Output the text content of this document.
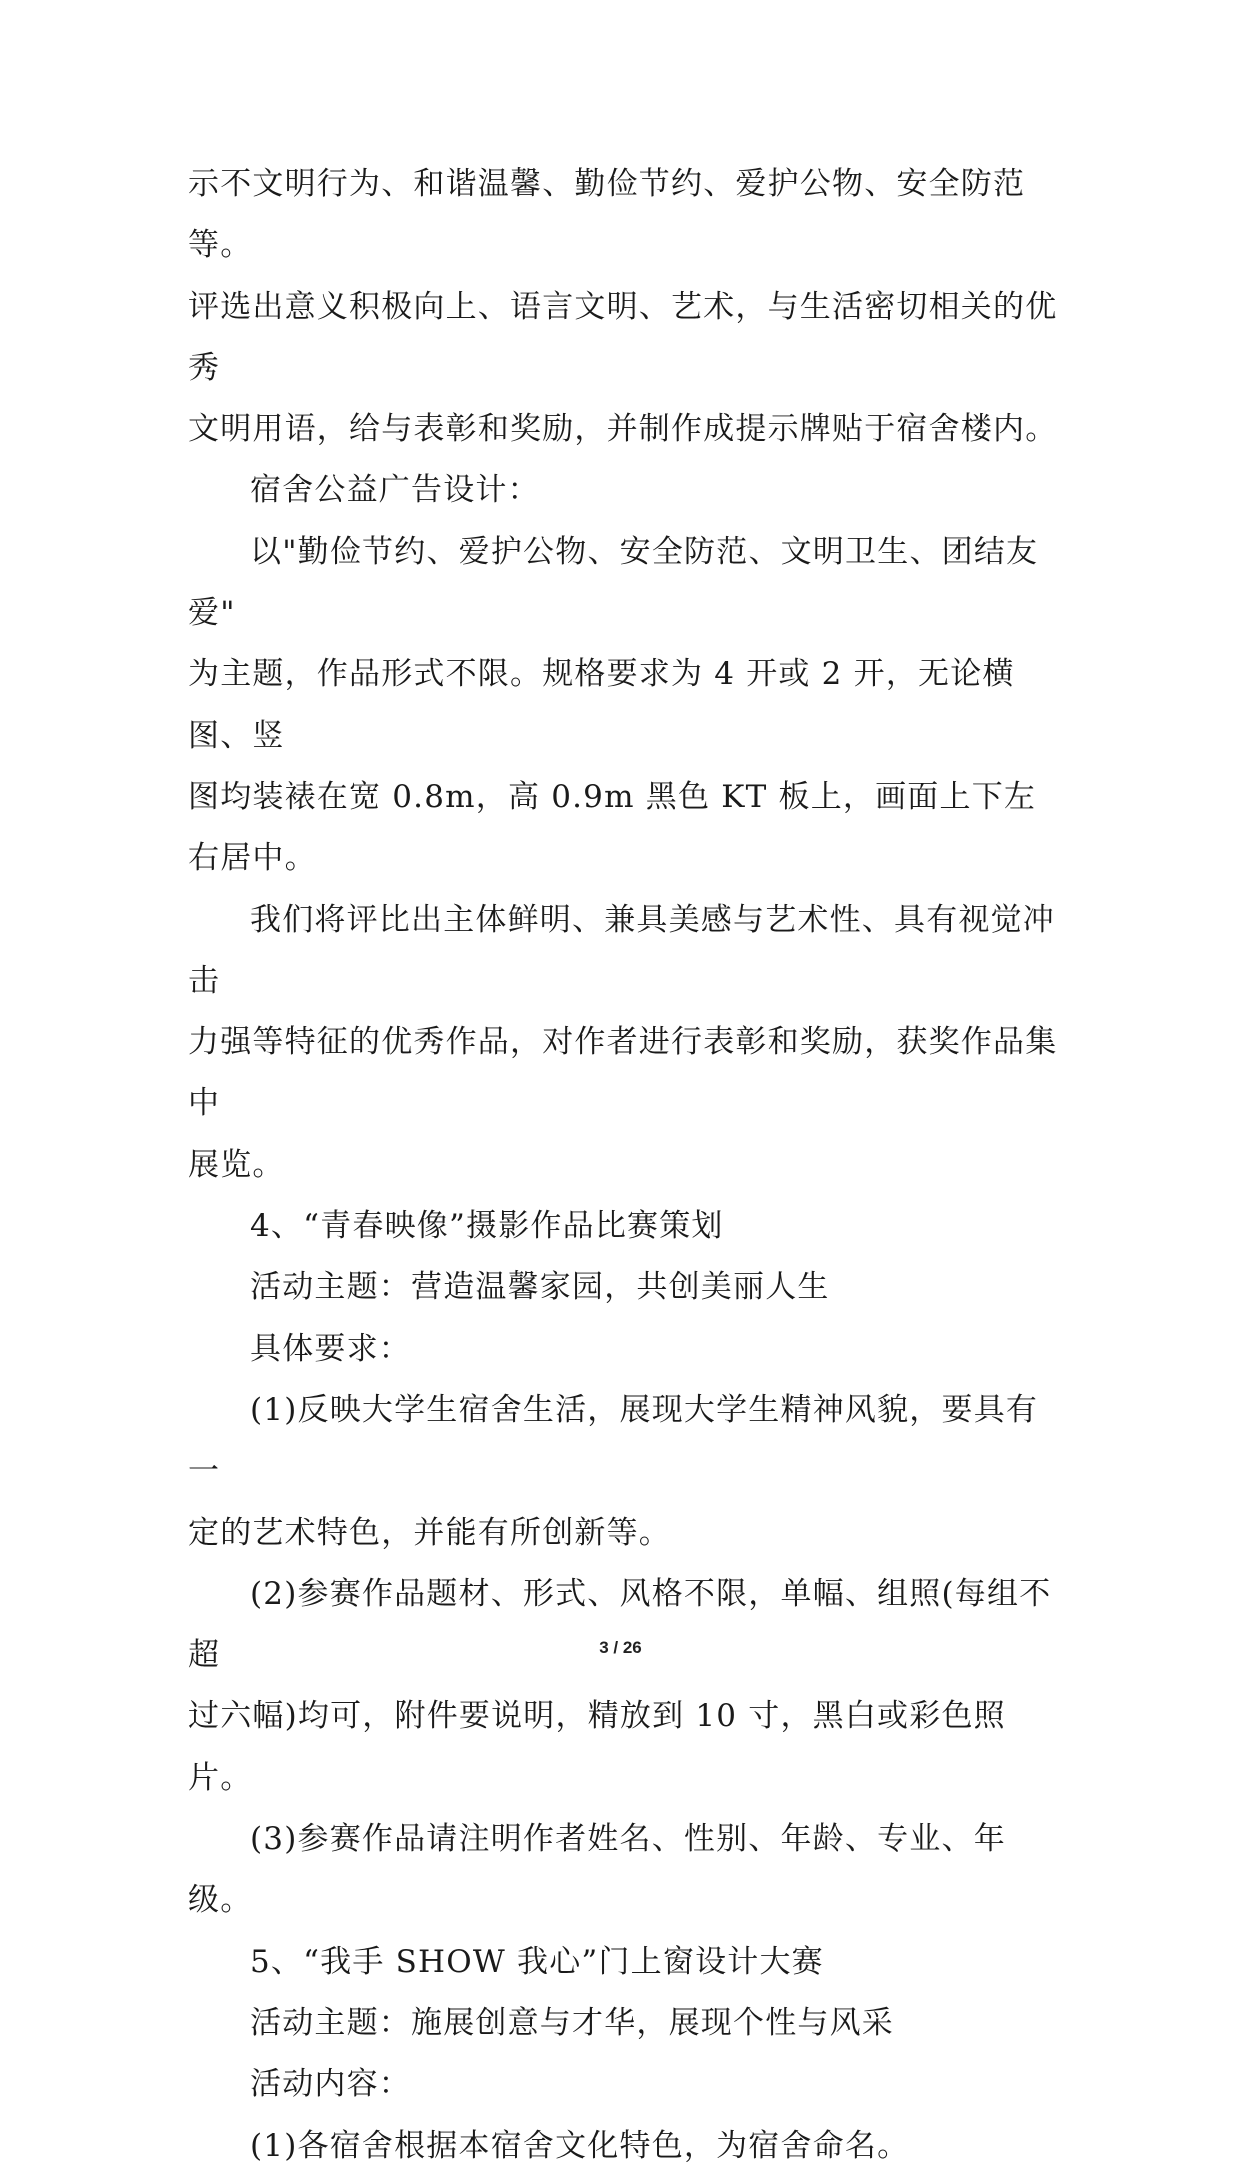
示不文明行为、和谐温馨、勤俭节约、爱护公物、安全防范等。
评选出意义积极向上、语言文明、艺术，与生活密切相关的优秀
文明用语，给与表彰和奖励，并制作成提示牌贴于宿舍楼内。
宿舍公益广告设计：
以"勤俭节约、爱护公物、安全防范、文明卫生、团结友爱"
为主题，作品形式不限。规格要求为 4 开或 2 开，无论横图、竖
图均装裱在宽 0.8m，高 0.9m 黑色 KT 板上，画面上下左右居中。
我们将评比出主体鲜明、兼具美感与艺术性、具有视觉冲击
力强等特征的优秀作品，对作者进行表彰和奖励，获奖作品集中
展览。
4、“青春映像”摄影作品比赛策划
活动主题：营造温馨家园，共创美丽人生
具体要求：
(1)反映大学生宿舍生活，展现大学生精神风貌，要具有一
定的艺术特色，并能有所创新等。
(2)参赛作品题材、形式、风格不限，单幅、组照(每组不超
过六幅)均可，附件要说明，精放到 10 寸，黑白或彩色照片。
(3)参赛作品请注明作者姓名、性别、年龄、专业、年级。
5、“我手 SHOW 我心”门上窗设计大赛
活动主题：施展创意与才华，展现个性与风采
活动内容：
(1)各宿舍根据本宿舍文化特色，为宿舍命名。
3 / 26
